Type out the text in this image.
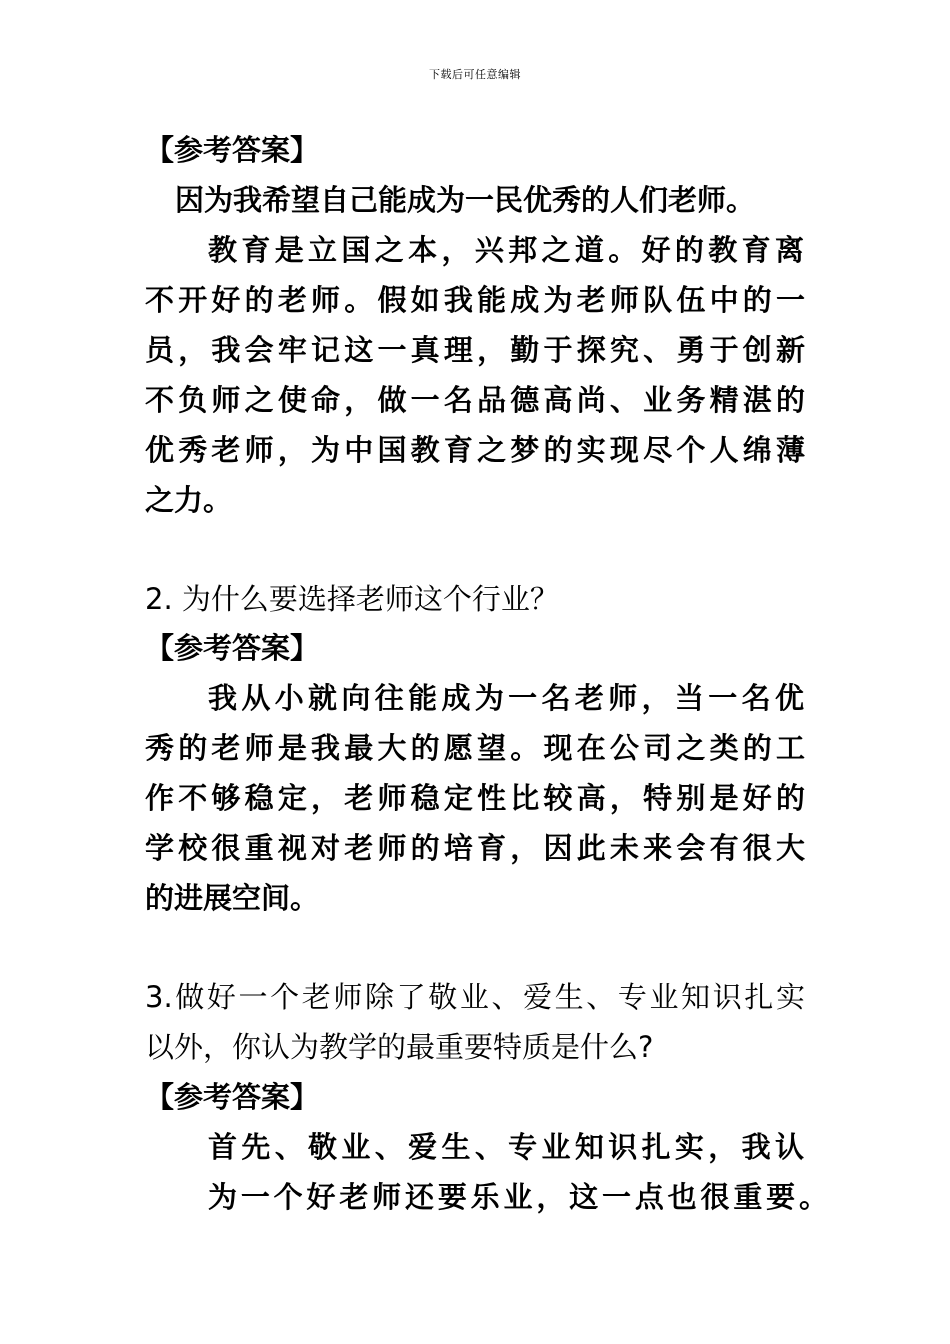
下载后可任意编辑
【参考答案】
因为我希望自己能成为一民优秀的人们老师。
教育是立国之本，兴邦之道。好的教育离
不开好的老师。假如我能成为老师队伍中的一
员，我会牢记这一真理，勤于探究、勇于创新
不负师之使命，做一名品德高尚、业务精湛的
优秀老师，为中国教育之梦的实现尽个人绵薄
之力。
2. 为什么要选择老师这个行业？
【参考答案】
我从小就向往能成为一名老师，当一名优
秀的老师是我最大的愿望。现在公司之类的工
作不够稳定，老师稳定性比较高，特别是好的
学校很重视对老师的培育，因此未来会有很大
的进展空间。
3.做好一个老师除了敬业、爱生、专业知识扎实
以外，你认为教学的最重要特质是什么?
【参考答案】
首先、敬业、爱生、专业知识扎实，我认
为一个好老师还要乐业，这一点也很重要。
